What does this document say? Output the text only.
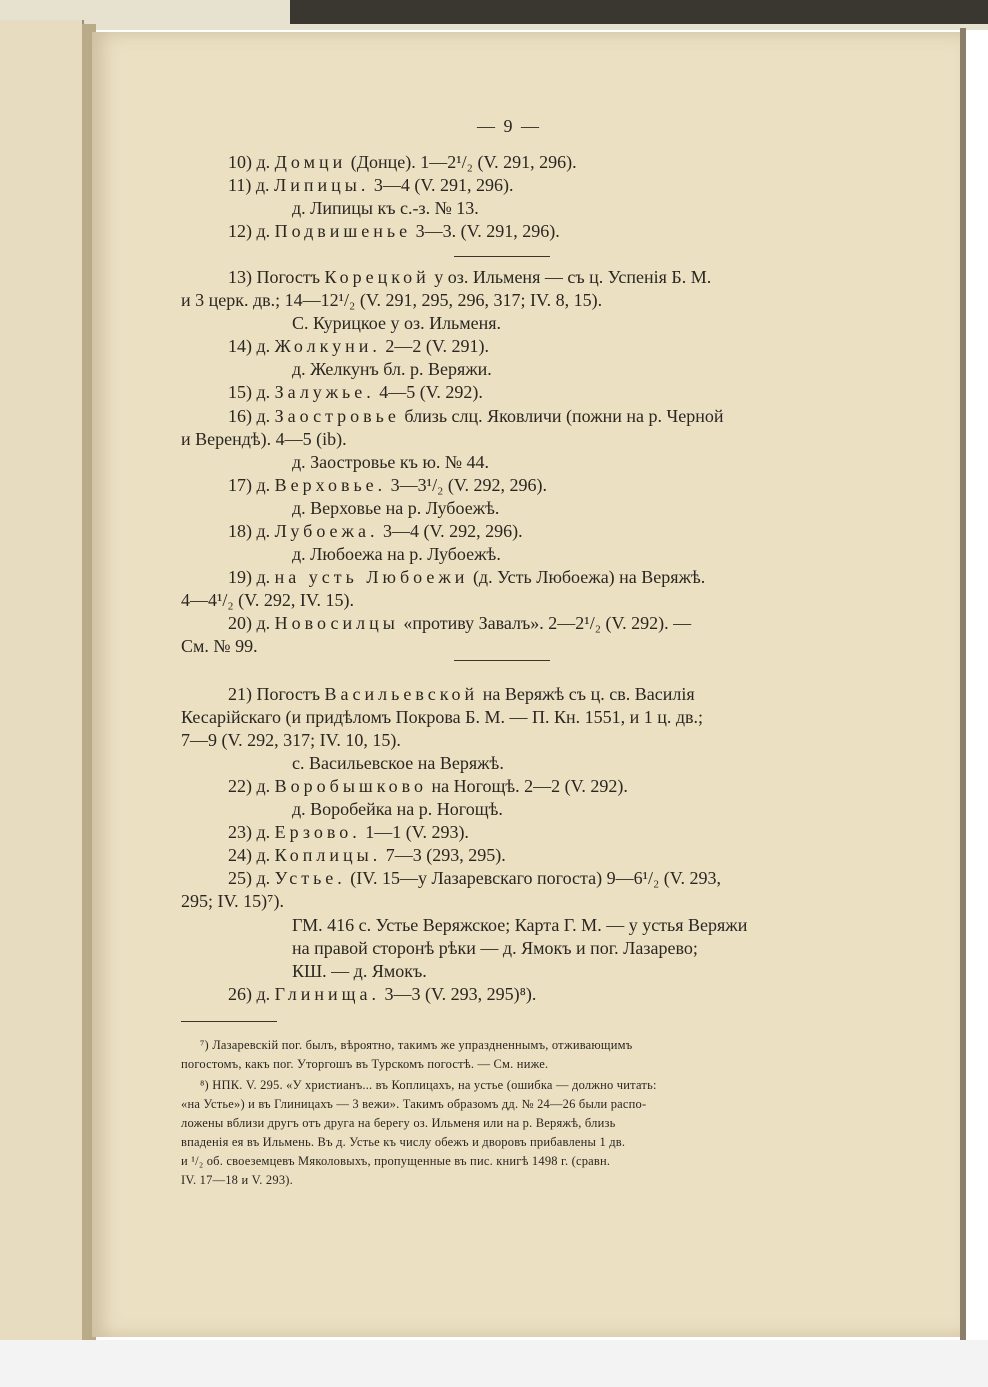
— 9 —
10) д. Домци (Донце). 1—2¹/₂ (V. 291, 296).
11) д. Липицы. 3—4 (V. 291, 296).
д. Липицы къ с.-з. № 13.
12) д. Подвишенье 3—3. (V. 291, 296).
13) Погостъ Корецкой у оз. Ильменя — съ ц. Успенія Б. М.
и 3 церк. дв.; 14—12¹/₂ (V. 291, 295, 296, 317; IV. 8, 15).
С. Курицкое у оз. Ильменя.
14) д. Жолкуни. 2—2 (V. 291).
д. Желкунъ бл. р. Веряжи.
15) д. Залужье. 4—5 (V. 292).
16) д. Заостровье близь слц. Яковличи (пожни на р. Черной
и Верендѣ). 4—5 (ib).
д. Заостровье къ ю. № 44.
17) д. Верховье. 3—3¹/₂ (V. 292, 296).
д. Верховье на р. Лубоежѣ.
18) д. Лубоежа. 3—4 (V. 292, 296).
д. Любоежа на р. Лубоежѣ.
19) д. на усть Любоежи (д. Усть Любоежа) на Веряжѣ.
4—4¹/₂ (V. 292, IV. 15).
20) д. Новосилцы «противу Завалъ». 2—2¹/₂ (V. 292). —
См. № 99.
21) Погостъ Васильевской на Веряжѣ съ ц. св. Василія
Кесарійскаго (и придѣломъ Покрова Б. М. — П. Кн. 1551, и 1 ц. дв.;
7—9 (V. 292, 317; IV. 10, 15).
с. Васильевское на Веряжѣ.
22) д. Воробышково на Ногощѣ. 2—2 (V. 292).
д. Воробейка на р. Ногощѣ.
23) д. Ерзово. 1—1 (V. 293).
24) д. Коплицы. 7—3 (293, 295).
25) д. Устье. (IV. 15—у Лазаревскаго погоста) 9—6¹/₂ (V. 293,
295; IV. 15)⁷).
ГМ. 416 с. Устье Веряжское; Карта Г. М. — у устья Веряжи
на правой сторонѣ рѣки — д. Ямокъ и пог. Лазарево;
КШ. — д. Ямокъ.
26) д. Глинища. 3—3 (V. 293, 295)⁸).
⁷) Лазаревскій пог. былъ, вѣроятно, такимъ же упраздненнымъ, отживающимъ
погостомъ, какъ пог. Уторгошъ въ Турскомъ погостѣ. — См. ниже.
⁸) НПК. V. 295. «У христианъ... въ Коплицахъ, на устье (ошибка — должно читать:
«на Устье») и въ Глиницахъ — 3 вежи». Такимъ образомъ дд. № 24—26 были распо-
ложены вблизи другъ отъ друга на берегу оз. Ильменя или на р. Веряжѣ, близь
впаденія ея въ Ильмень. Въ д. Устье къ числу обежъ и дворовъ прибавлены 1 дв.
и ¹/₂ об. своеземцевъ Мяколовыхъ, пропущенные въ пис. книгѣ 1498 г. (сравн.
IV. 17—18 и V. 293).
